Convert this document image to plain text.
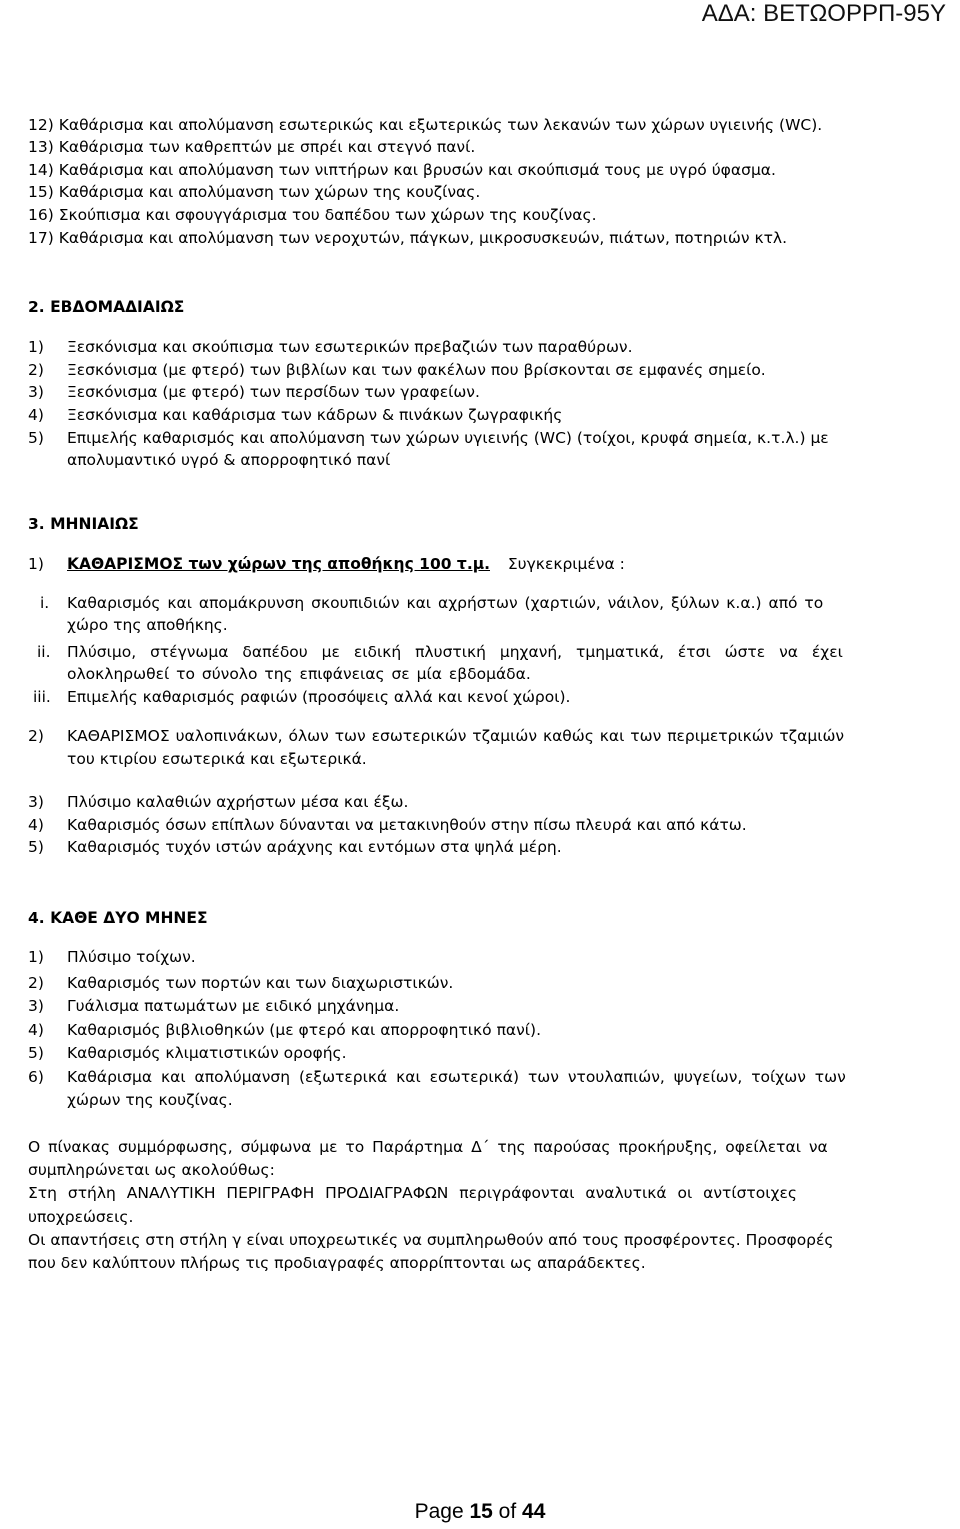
ΑΔΑ: ΒΕΤΩΟΡΡΠ-95Υ
12) Καθάρισμα και απολύμανση εσωτερικώς και εξωτερικώς των λεκανών των χώρων υγιεινής (WC).
13) Καθάρισμα των καθρεπτών με σπρέι και στεγνό πανί.
14) Καθάρισμα και απολύμανση των νιπτήρων και βρυσών και σκούπισμά τους με υγρό ύφασμα.
15) Καθάρισμα και απολύμανση των χώρων της κουζίνας.
16) Σκούπισμα και σφουγγάρισμα του δαπέδου των χώρων της κουζίνας.
17) Καθάρισμα και απολύμανση των νεροχυτών, πάγκων, μικροσυσκευών, πιάτων, ποτηριών κτλ.
2. ΕΒΔΟΜΑΔΙΑΙΩΣ
1) Ξεσκόνισμα και σκούπισμα των εσωτερικών πρεβαζιών των παραθύρων.
2) Ξεσκόνισμα (με φτερό) των βιβλίων και των φακέλων που βρίσκονται σε εμφανές σημείο.
3) Ξεσκόνισμα (με φτερό) των περσίδων των γραφείων.
4) Ξεσκόνισμα και καθάρισμα των κάδρων & πινάκων ζωγραφικής
5) Επιμελής καθαρισμός και απολύμανση των χώρων υγιεινής (WC) (τοίχοι, κρυφά σημεία, κ.τ.λ.) με
απολυμαντικό υγρό & απορροφητικό πανί
3. ΜΗΝΙΑΙΩΣ
1) ΚΑΘΑΡΙΣΜΟΣ των χώρων της αποθήκης 100 τ.μ. Συγκεκριμένα :
i. Καθαρισμός και απομάκρυνση σκουπιδιών και αχρήστων (χαρτιών, νάιλον, ξύλων κ.α.) από το
χώρο της αποθήκης.
ii. Πλύσιμο, στέγνωμα δαπέδου με ειδική πλυστική μηχανή, τμηματικά, έτσι ώστε να έχει
ολοκληρωθεί το σύνολο της επιφάνειας σε μία εβδομάδα.
iii. Επιμελής καθαρισμός ραφιών (προσόψεις αλλά και κενοί χώροι).
2) ΚΑΘΑΡΙΣΜΟΣ υαλοπινάκων, όλων των εσωτερικών τζαμιών καθώς και των περιμετρικών τζαμιών
του κτιρίου εσωτερικά και εξωτερικά.
3) Πλύσιμο καλαθιών αχρήστων μέσα και έξω.
4) Καθαρισμός όσων επίπλων δύνανται να μετακινηθούν στην πίσω πλευρά και από κάτω.
5) Καθαρισμός τυχόν ιστών αράχνης και εντόμων στα ψηλά μέρη.
4. ΚΑΘΕ ΔΥΟ ΜΗΝΕΣ
1) Πλύσιμο τοίχων.
2) Καθαρισμός των πορτών και των διαχωριστικών.
3) Γυάλισμα πατωμάτων με ειδικό μηχάνημα.
4) Καθαρισμός βιβλιοθηκών (με φτερό και απορροφητικό πανί).
5) Καθαρισμός κλιματιστικών οροφής.
6) Καθάρισμα και απολύμανση (εξωτερικά και εσωτερικά) των ντουλαπιών, ψυγείων, τοίχων των
χώρων της κουζίνας.
Ο πίνακας συμμόρφωσης, σύμφωνα με το Παράρτημα Δ΄ της παρούσας προκήρυξης, οφείλεται να
συμπληρώνεται ως ακολούθως:
Στη στήλη ΑΝΑΛΥΤΙΚΗ ΠΕΡΙΓΡΑΦΗ ΠΡΟΔΙΑΓΡΑΦΩΝ περιγράφονται αναλυτικά οι αντίστοιχες
υποχρεώσεις.
Οι απαντήσεις στη στήλη γ είναι υποχρεωτικές να συμπληρωθούν από τους προσφέροντες. Προσφορές
που δεν καλύπτουν πλήρως τις προδιαγραφές απορρίπτονται ως απαράδεκτες.
Page 15 of 44
